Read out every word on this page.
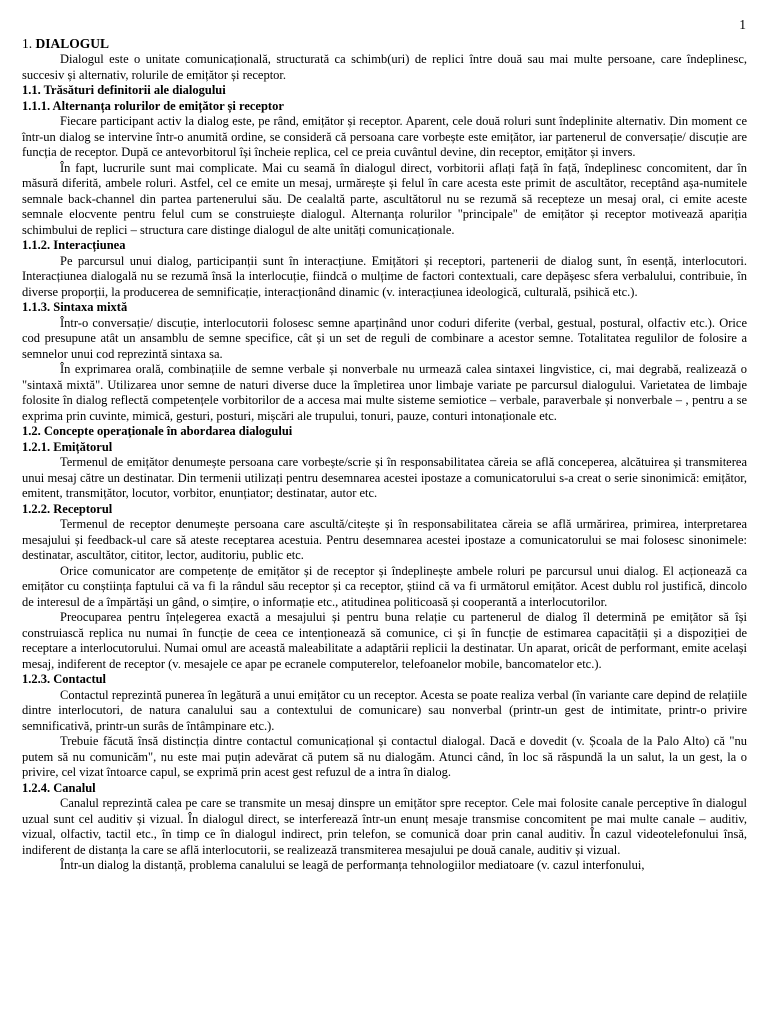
1
1. DIALOGUL

Dialogul este o unitate comunicațională, structurată ca schimb(uri) de replici între două sau mai multe persoane, care îndeplinesc, succesiv și alternativ, rolurile de emițător și receptor.

1.1. Trăsături definitorii ale dialogului
1.1.1. Alternanța rolurilor de emițător și receptor

Fiecare participant activ la dialog este, pe rând, emițător și receptor. Aparent, cele două roluri sunt îndeplinite alternativ. Din moment ce într-un dialog se intervine într-o anumită ordine, se consideră că persoana care vorbește este emițător, iar partenerul de conversație/ discuție are funcția de receptor. După ce antevorbitorul își încheie replica, cel ce preia cuvântul devine, din receptor, emițător și invers.

În fapt, lucrurile sunt mai complicate. Mai cu seamă în dialogul direct, vorbitorii aflați față în față, îndeplinesc concomitent, dar în măsură diferită, ambele roluri. Astfel, cel ce emite un mesaj, urmărește și felul în care acesta este primit de ascultător, receptând așa-numitele semnale back-channel din partea partenerului său. De cealaltă parte, ascultătorul nu se rezumă să recepteze un mesaj oral, ci emite aceste semnale elocvente pentru felul cum se construiește dialogul. Alternanța rolurilor "principale" de emițător și receptor motivează apariția schimbului de replici – structura care distinge dialogul de alte unități comunicaționale.

1.1.2. Interacțiunea

Pe parcursul unui dialog, participanții sunt în interacțiune. Emițători și receptori, partenerii de dialog sunt, în esență, interlocutori. Interacțiunea dialogală nu se rezumă însă la interlocuție, fiindcă o mulțime de factori contextuali, care depășesc sfera verbalului, contribuie, în diverse proporții, la producerea de semnificație, interacționând dinamic (v. interacțiunea ideologică, culturală, psihică etc.).

1.1.3. Sintaxa mixtă

Într-o conversație/ discuție, interlocutorii folosesc semne aparținând unor coduri diferite (verbal, gestual, postural, olfactiv etc.). Orice cod presupune atât un ansamblu de semne specifice, cât și un set de reguli de combinare a acestor semne. Totalitatea regulilor de folosire a semnelor unui cod reprezintă sintaxa sa.

În exprimarea orală, combinațiile de semne verbale și nonverbale nu urmează calea sintaxei lingvistice, ci, mai degrabă, realizează o "sintaxă mixtă". Utilizarea unor semne de naturi diverse duce la împletirea unor limbaje variate pe parcursul dialogului. Varietatea de limbaje folosite în dialog reflectă competențele vorbitorilor de a accesa mai multe sisteme semiotice – verbale, paraverbale și nonverbale – , pentru a se exprima prin cuvinte, mimică, gesturi, posturi, mișcări ale trupului, tonuri, pauze, conturi intonaționale etc.

1.2. Concepte operaționale în abordarea dialogului
1.2.1. Emițătorul

Termenul de emițător denumește persoana care vorbește/scrie și în responsabilitatea căreia se află conceperea, alcătuirea și transmiterea unui mesaj către un destinatar. Din termenii utilizați pentru desemnarea acestei ipostaze a comunicatorului s-a creat o serie sinonimică: emițător, emitent, transmițător, locutor, vorbitor, enunțiator; destinatar, autor etc.

1.2.2. Receptorul

Termenul de receptor denumește persoana care ascultă/citește și în responsabilitatea căreia se află urmărirea, primirea, interpretarea mesajului și feedback-ul care să ateste receptarea acestuia. Pentru desemnarea acestei ipostaze a comunicatorului se mai folosesc sinonimele: destinatar, ascultător, cititor, lector, auditoriu, public etc.

Orice comunicator are competențe de emițător și de receptor și îndeplinește ambele roluri pe parcursul unui dialog. El acționează ca emițător cu conștiința faptului că va fi la rândul său receptor și ca receptor, știind că va fi următorul emițător. Acest dublu rol justifică, dincolo de interesul de a împărtăși un gând, o simțire, o informație etc., atitudinea politicoasă și cooperantă a interlocutorilor.

Preocuparea pentru înțelegerea exactă a mesajului și pentru buna relație cu partenerul de dialog îl determină pe emițător să își construiască replica nu numai în funcție de ceea ce intenționează să comunice, ci și în funcție de estimarea capacității și a dispoziției de receptare a interlocutorului. Numai omul are această maleabilitate a adaptării replicii la destinatar. Un aparat, oricât de performant, emite același mesaj, indiferent de receptor (v. mesajele ce apar pe ecranele computerelor, telefoanelor mobile, bancomatelor etc.).

1.2.3. Contactul

Contactul reprezintă punerea în legătură a unui emițător cu un receptor. Acesta se poate realiza verbal (în variante care depind de relațiile dintre interlocutori, de natura canalului sau a contextului de comunicare) sau nonverbal (printr-un gest de intimitate, printr-o privire semnificativă, printr-un surâs de întâmpinare etc.).

Trebuie făcută însă distincția dintre contactul comunicațional și contactul dialogal. Dacă e dovedit (v. Școala de la Palo Alto) că "nu putem să nu comunicăm", nu este mai puțin adevărat că putem să nu dialogăm. Atunci când, în loc să răspundă la un salut, la un gest, la o privire, cel vizat întoarce capul, se exprimă prin acest gest refuzul de a intra în dialog.

1.2.4. Canalul

Canalul reprezintă calea pe care se transmite un mesaj dinspre un emițător spre receptor. Cele mai folosite canale perceptive în dialogul uzual sunt cel auditiv și vizual. În dialogul direct, se interferează într-un enunț mesaje transmise concomitent pe mai multe canale – auditiv, vizual, olfactiv, tactil etc., în timp ce în dialogul indirect, prin telefon, se comunică doar prin canal auditiv. În cazul videotelefonului însă, indiferent de distanța la care se află interlocutorii, se realizează transmiterea mesajului pe două canale, auditiv și vizual.

Într-un dialog la distanță, problema canalului se leagă de performanța tehnologiilor mediatoare (v. cazul interfonului,
